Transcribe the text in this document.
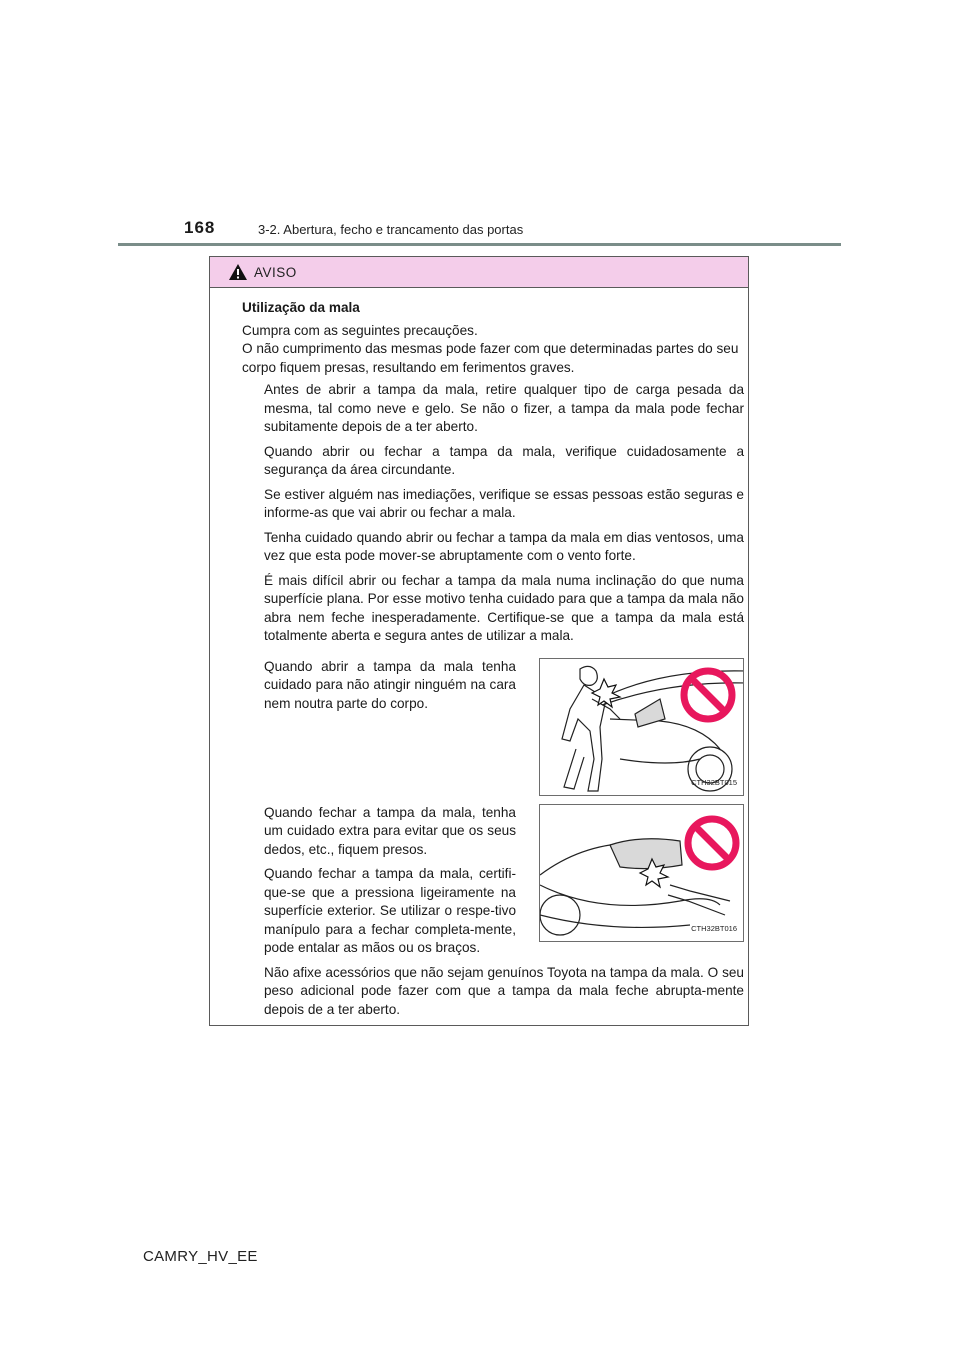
168	3-2. Abertura, fecho e trancamento das portas
AVISO

Utilização da mala

Cumpra com as seguintes precauções.

O não cumprimento das mesmas pode fazer com que determinadas partes do seu corpo fiquem presas, resultando em ferimentos graves.

Antes de abrir a tampa da mala, retire qualquer tipo de carga pesada da mesma, tal como neve e gelo. Se não o fizer, a tampa da mala pode fechar subitamente depois de a ter aberto.

Quando abrir ou fechar a tampa da mala, verifique cuidadosamente a segurança da área circundante.

Se estiver alguém nas imediações, verifique se essas pessoas estão seguras e informe-as que vai abrir ou fechar a mala.

Tenha cuidado quando abrir ou fechar a tampa da mala em dias ventosos, uma vez que esta pode mover-se abruptamente com o vento forte.

É mais difícil abrir ou fechar a tampa da mala numa inclinação do que numa superfície plana. Por esse motivo tenha cuidado para que a tampa da mala não abra nem feche inesperadamente. Certifique-se que a tampa da mala está totalmente aberta e segura antes de utilizar a mala.

Quando abrir a tampa da mala tenha cuidado para não atingir ninguém na cara nem noutra parte do corpo.

CTH32BT015

Quando fechar a tampa da mala, tenha um cuidado extra para evitar que os seus dedos, etc., fiquem presos.

Quando fechar a tampa da mala, certifi-que-se que a pressiona ligeiramente na superfície exterior. Se utilizar o respe-tivo manípulo para a fechar completa-mente, pode entalar as mãos ou os braços.

CTH32BT016

Não afixe acessórios que não sejam genuínos Toyota na tampa da mala. O seu peso adicional pode fazer com que a tampa da mala feche abrupta-mente depois de a ter aberto.

CAMRY_HV_EE
